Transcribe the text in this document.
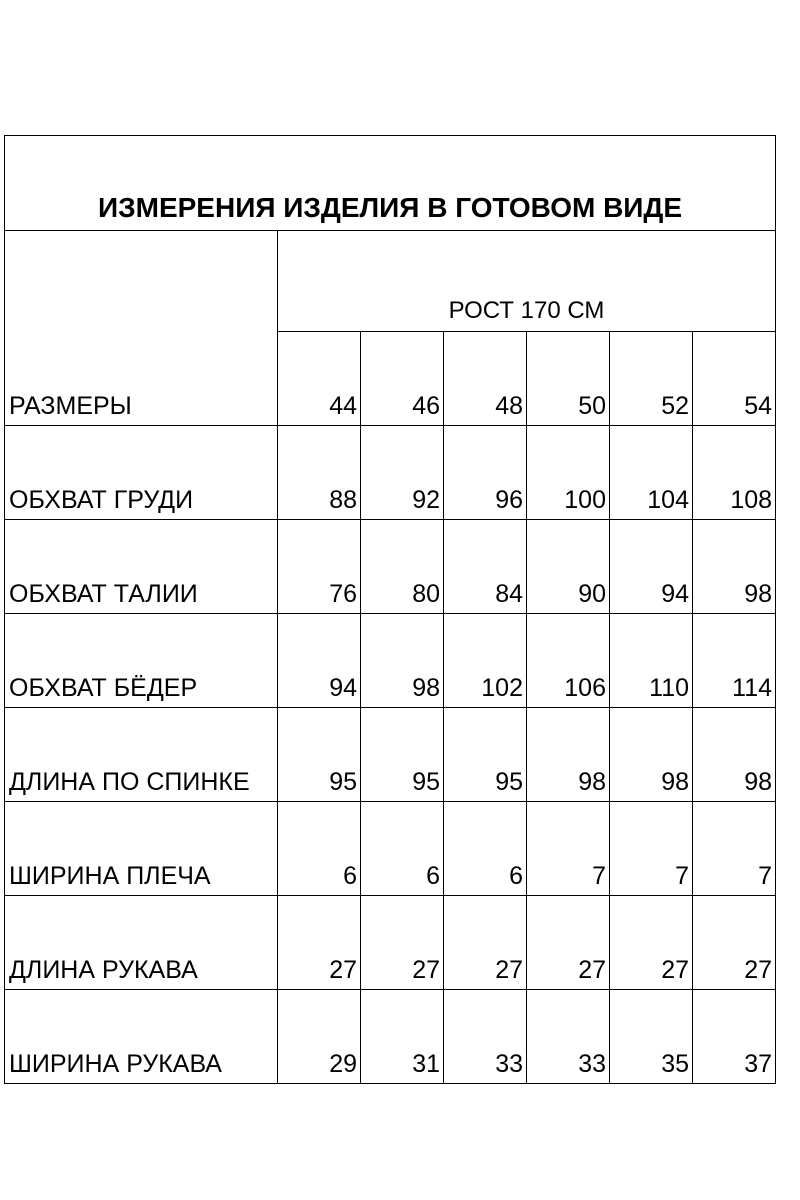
ИЗМЕРЕНИЯ ИЗДЕЛИЯ В ГОТОВОМ ВИДЕ						
	РОСТ 170 СМ					
РАЗМЕРЫ	44	46	48	50	52	54
ОБХВАТ ГРУДИ	88	92	96	100	104	108
ОБХВАТ ТАЛИИ	76	80	84	90	94	98
ОБХВАТ БЁДЕР	94	98	102	106	110	114
ДЛИНА ПО СПИНКЕ	95	95	95	98	98	98
ШИРИНА ПЛЕЧА	6	6	6	7	7	7
ДЛИНА РУКАВА	27	27	27	27	27	27
ШИРИНА РУКАВА	29	31	33	33	35	37
